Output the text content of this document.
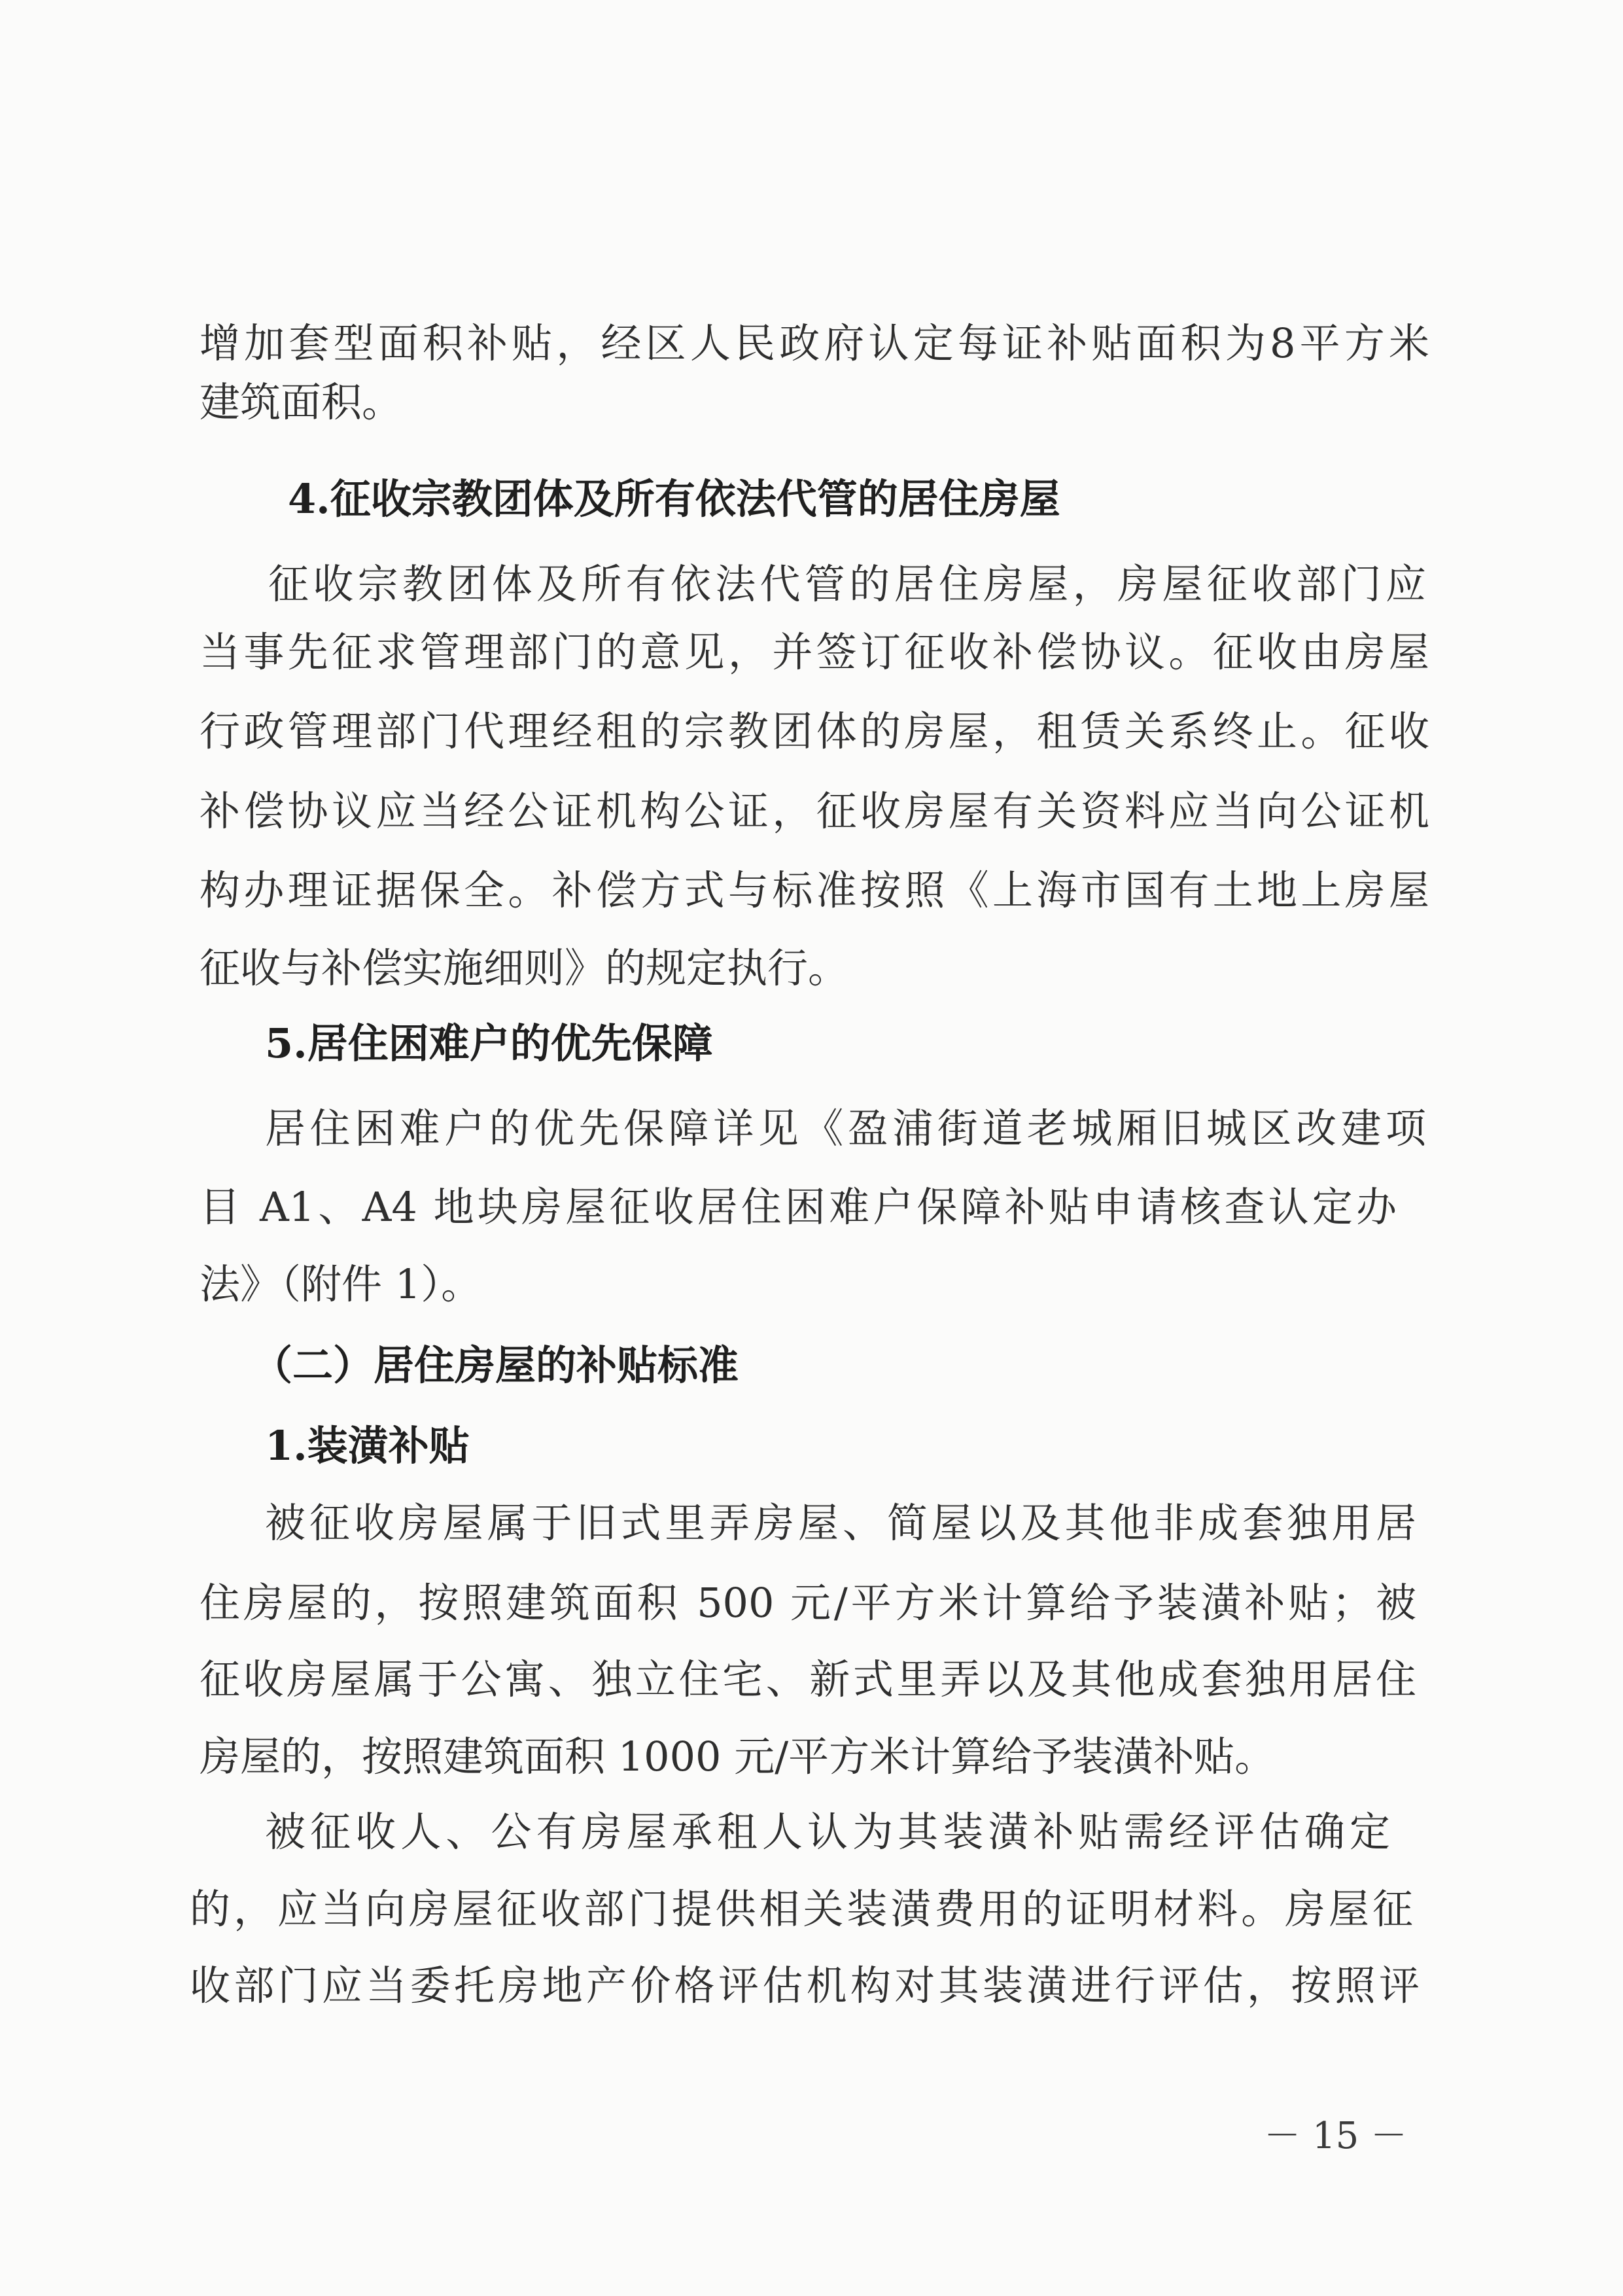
增加套型面积补贴，经区人民政府认定每证补贴面积为8平方米
建筑面积。
4.征收宗教团体及所有依法代管的居住房屋
征收宗教团体及所有依法代管的居住房屋，房屋征收部门应
当事先征求管理部门的意见，并签订征收补偿协议。征收由房屋
行政管理部门代理经租的宗教团体的房屋，租赁关系终止。征收
补偿协议应当经公证机构公证，征收房屋有关资料应当向公证机
构办理证据保全。补偿方式与标准按照《上海市国有土地上房屋
征收与补偿实施细则》的规定执行。
5.居住困难户的优先保障
居住困难户的优先保障详见《盈浦街道老城厢旧城区改建项
目 A1、A4 地块房屋征收居住困难户保障补贴申请核查认定办
法》（附件 1）。
（二）居住房屋的补贴标准
1.装潢补贴
被征收房屋属于旧式里弄房屋、简屋以及其他非成套独用居
住房屋的，按照建筑面积 500 元/平方米计算给予装潢补贴；被
征收房屋属于公寓、独立住宅、新式里弄以及其他成套独用居住
房屋的，按照建筑面积 1000 元/平方米计算给予装潢补贴。
被征收人、公有房屋承租人认为其装潢补贴需经评估确定
的，应当向房屋征收部门提供相关装潢费用的证明材料。房屋征
收部门应当委托房地产价格评估机构对其装潢进行评估，按照评
－ 15 －
